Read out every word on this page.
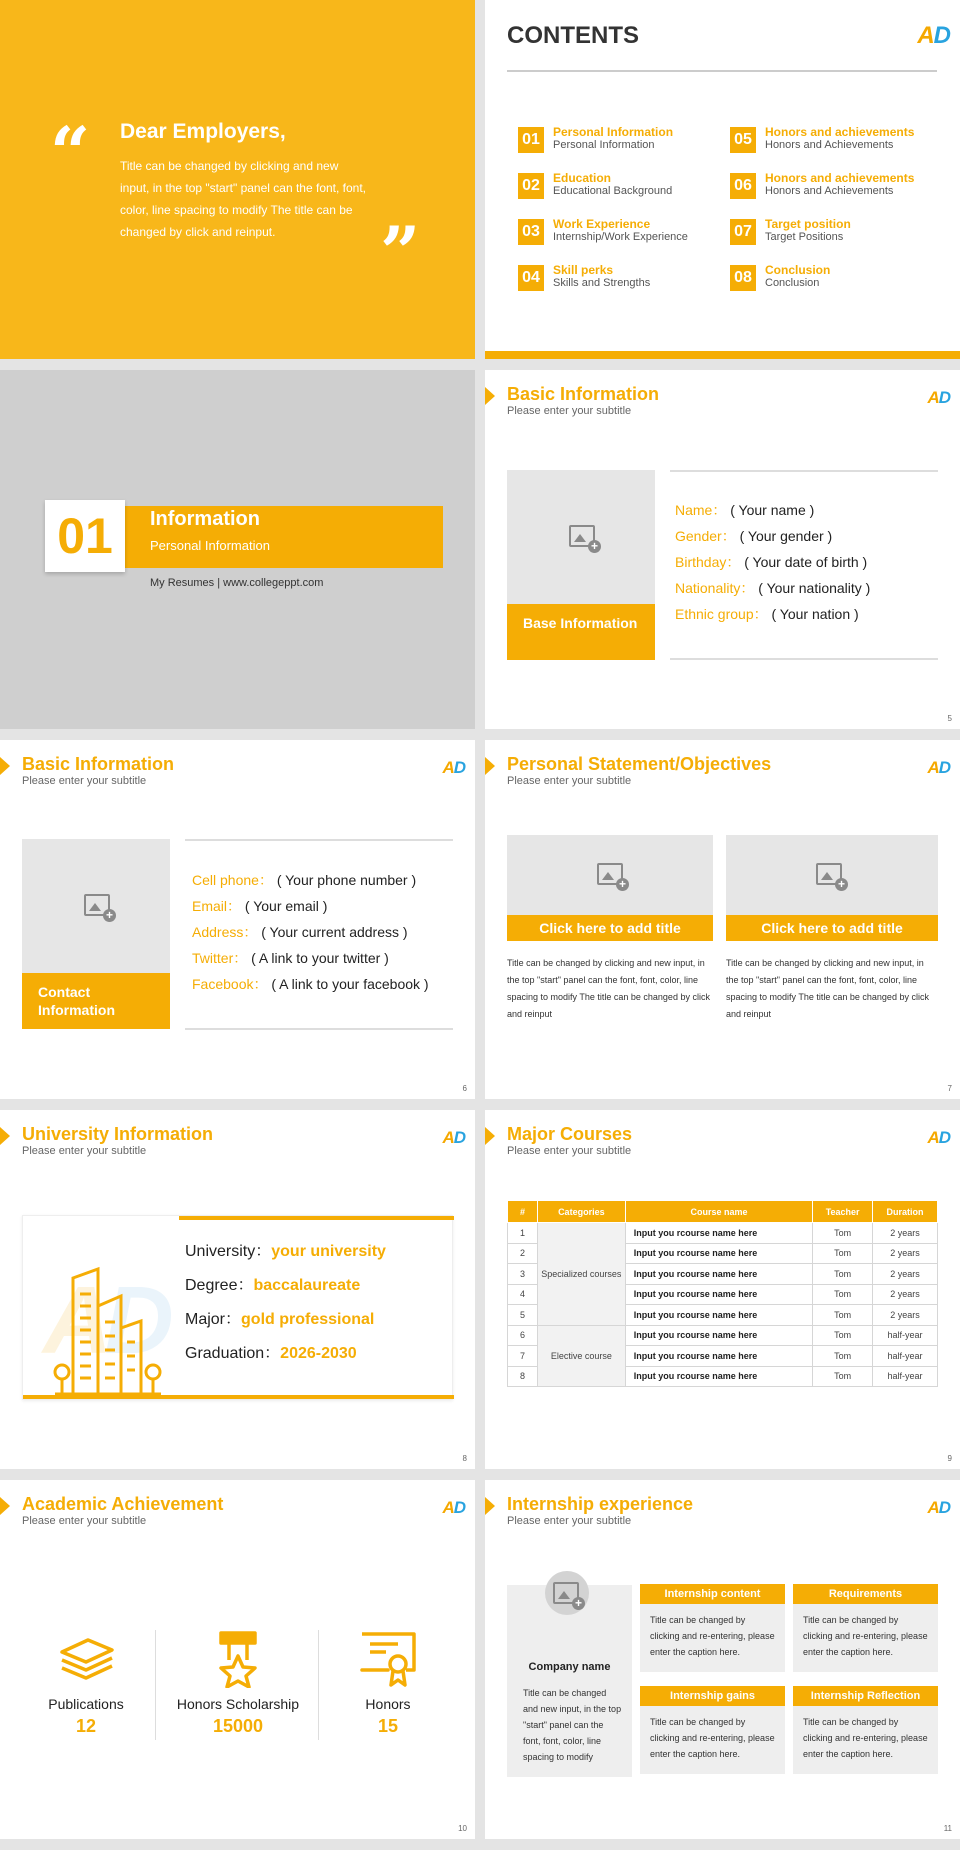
“ Dear Employers,
Title can be changed by clicking and new input, in the top "start" panel can the font, font, color, line spacing to modify The title can be changed by click and reinput.	”
CONTENTS	AD
01	Personal Information
Personal Information
02	Education
Educational Background
03	Work Experience
Internship/Work Experience
04	Skill perks
Skills and Strengths
05	Honors and achievements
Honors and Achievements
06	Honors and achievements
Honors and Achievements
07	Target position
Target Positions
08	Conclusion
Conclusion
01	Information
Personal Information
My Resumes | www.collegeppt.com
Basic Information
Please enter your subtitle
AD
+
Base Information
Name： ( Your name )
Gender： ( Your gender )
Birthday： ( Your date of birth )
Nationality： ( Your nationality )
Ethnic group： ( Your nation )
5
Basic Information
Please enter your subtitle
AD
+
Contact Information
Cell phone： ( Your phone number )
Email： ( Your email )
Address： ( Your current address )
Twitter： ( A link to your twitter )
Facebook： ( A link to your facebook )
6
Personal Statement/Objectives
Please enter your subtitle
AD
+
Click here to add title
Title can be changed by clicking and new input, in the top "start" panel can the font, font, color, line spacing to modify The title can be changed by click and reinput
+
Click here to add title
Title can be changed by clicking and new input, in the top "start" panel can the font, font, color, line spacing to modify The title can be changed by click and reinput
7
University Information
Please enter your subtitle
AD
AD
University：your university
Degree：baccalaureate
Major：gold professional
Graduation：2026-2030
8
Major Courses
Please enter your subtitle
AD
#	Categories	Course name	Teacher	Duration
1	Specialized courses	Input you rcourse name here	Tom	2 years
2		Input you rcourse name here	Tom	2 years
3		Input you rcourse name here	Tom	2 years
4		Input you rcourse name here	Tom	2 years
5		Input you rcourse name here	Tom	2 years
6	Elective course	Input you rcourse name here	Tom	half-year
7		Input you rcourse name here	Tom	half-year
8		Input you rcourse name here	Tom	half-year
9
Academic Achievement
Please enter your subtitle
AD
Publications
12
Honors Scholarship
15000
Honors
15
10
Internship experience
Please enter your subtitle
AD
+
Company name
Title can be changed and new input, in the top "start" panel can the font, font, color, line spacing to modify
Internship content
Title can be changed by clicking and re-entering, please enter the caption here.
Requirements
Title can be changed by clicking and re-entering, please enter the caption here.
Internship gains
Title can be changed by clicking and re-entering, please enter the caption here.
Internship Reflection
Title can be changed by clicking and re-entering, please enter the caption here.
11
